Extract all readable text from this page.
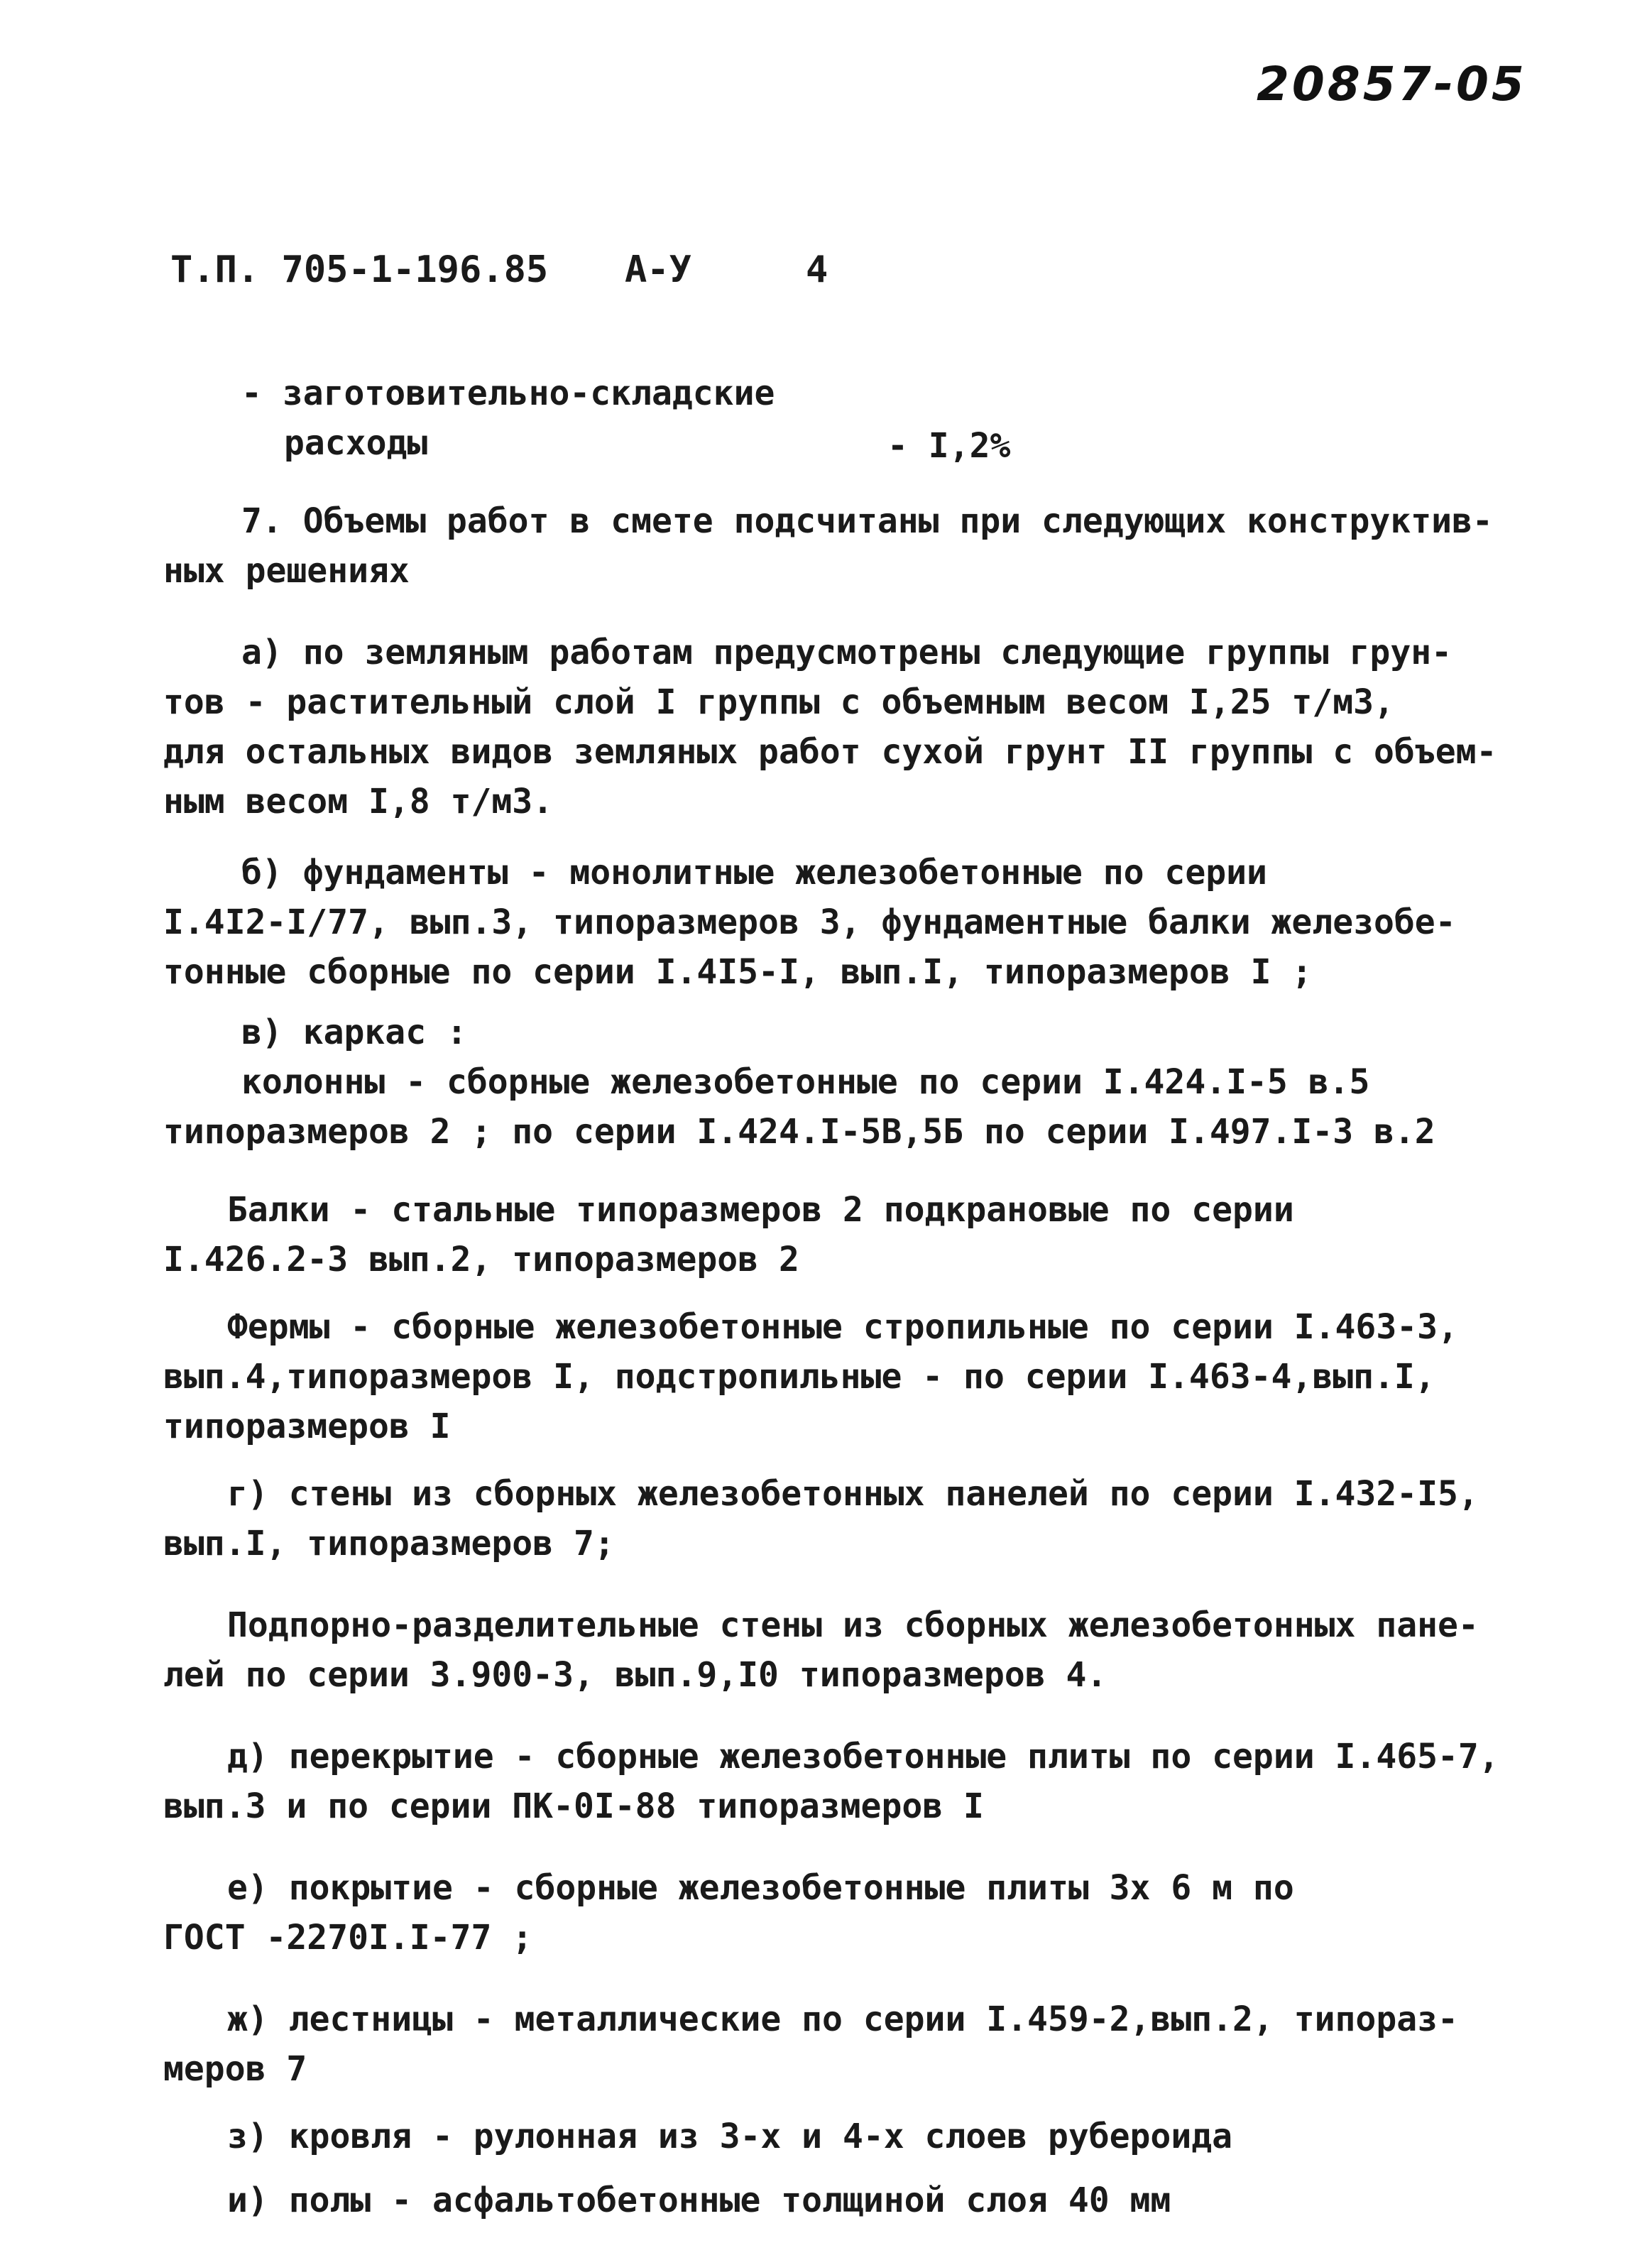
20857-05
Т.П. 705-1-196.85 А-У	4
- заготовительно-складские
расходы	- I,2%
7. Объемы работ в смете подсчитаны при следующих конструктив-
ных решениях
а) по земляным работам предусмотрены следующие группы грун-
тов - растительный слой I группы с объемным весом I,25 т/м3,
для остальных видов земляных работ сухой грунт II группы с объем-
ным весом I,8 т/м3.
б) фундаменты - монолитные железобетонные по серии
I.4I2-I/77, вып.3, типоразмеров 3, фундаментные балки железобе-
тонные сборные по серии I.4I5-I, вып.I, типоразмеров I ;
в) каркас :
колонны - сборные железобетонные по серии I.424.I-5 в.5
типоразмеров 2 ; по серии I.424.I-5В,5Б по серии I.497.I-3 в.2
Балки - стальные типоразмеров 2 подкрановые по серии
I.426.2-3 вып.2, типоразмеров 2
Фермы - сборные железобетонные стропильные по серии I.463-3,
вып.4,типоразмеров I, подстропильные - по серии I.463-4,вып.I,
типоразмеров I
г) стены из сборных железобетонных панелей по серии I.432-I5,
вып.I, типоразмеров 7;
Подпорно-разделительные стены из сборных железобетонных пане-
лей по серии 3.900-3, вып.9,I0 типоразмеров 4.
д) перекрытие - сборные железобетонные плиты по серии I.465-7,
вып.3 и по серии ПК-0I-88 типоразмеров I
е) покрытие - сборные железобетонные плиты 3х 6 м по
ГОСТ -2270I.I-77 ;
ж) лестницы - металлические по серии I.459-2,вып.2, типораз-
меров 7
з) кровля - рулонная из 3-х и 4-х слоев рубероида
и) полы - асфальтобетонные толщиной слоя 40 мм
